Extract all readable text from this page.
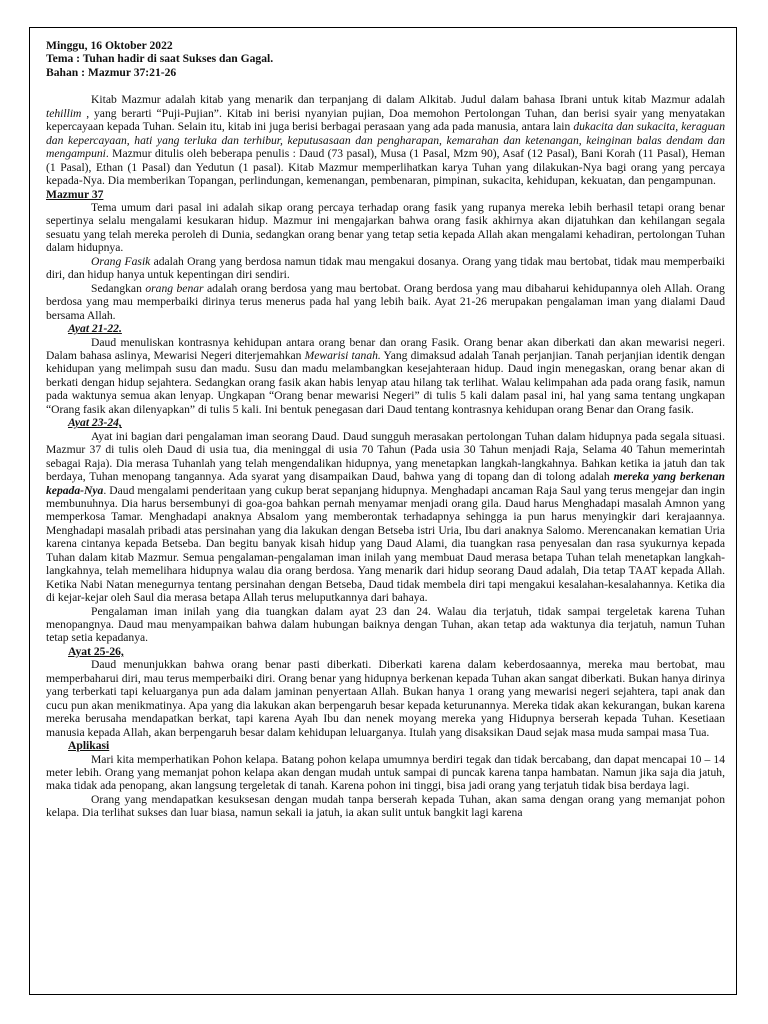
Minggu, 16 Oktober 2022
Tema : Tuhan hadir di saat Sukses dan Gagal.
Bahan : Mazmur 37:21-26

Kitab Mazmur adalah kitab yang menarik dan terpanjang di dalam Alkitab. Judul dalam bahasa Ibrani untuk kitab Mazmur adalah tehillim , yang berarti “Puji-Pujian”. Kitab ini berisi nyanyian pujian, Doa memohon Pertolongan Tuhan, dan berisi syair yang menyatakan kepercayaan kepada Tuhan. Selain itu, kitab ini juga berisi berbagai perasaan yang ada pada manusia, antara lain dukacita dan sukacita, keraguan dan kepercayaan, hati yang terluka dan terhibur, keputusasaan dan pengharapan, kemarahan dan ketenangan, keinginan balas dendam dan mengampuni. Mazmur ditulis oleh beberapa penulis : Daud (73 pasal), Musa (1 Pasal, Mzm 90), Asaf (12 Pasal), Bani Korah (11 Pasal), Heman (1 Pasal), Ethan (1 Pasal) dan Yedutun (1 pasal). Kitab Mazmur memperlihatkan karya Tuhan yang dilakukan-Nya bagi orang yang percaya kepada-Nya. Dia memberikan Topangan, perlindungan, kemenangan, pembenaran, pimpinan, sukacita, kehidupan, kekuatan, dan pengampunan.

Mazmur 37

Tema umum dari pasal ini adalah sikap orang percaya terhadap orang fasik yang rupanya mereka lebih berhasil tetapi orang benar sepertinya selalu mengalami kesukaran hidup. Mazmur ini mengajarkan bahwa orang fasik akhirnya akan dijatuhkan dan kehilangan segala sesuatu yang telah mereka peroleh di Dunia, sedangkan orang benar yang tetap setia kepada Allah akan mengalami kehadiran, pertolongan Tuhan dalam hidupnya.

Orang Fasik adalah Orang yang berdosa namun tidak mau mengakui dosanya. Orang yang tidak mau bertobat, tidak mau memperbaiki diri, dan hidup hanya untuk kepentingan diri sendiri.

Sedangkan orang benar adalah orang berdosa yang mau bertobat. Orang berdosa yang mau dibaharui kehidupannya oleh Allah. Orang berdosa yang mau memperbaiki dirinya terus menerus pada hal yang lebih baik. Ayat 21-26 merupakan pengalaman iman yang dialami Daud bersama Allah.

Ayat 21-22.

Daud menuliskan kontrasnya kehidupan antara orang benar dan orang Fasik. Orang benar akan diberkati dan akan mewarisi negeri. Dalam bahasa aslinya, Mewarisi Negeri diterjemahkan Mewarisi tanah. Yang dimaksud adalah Tanah perjanjian. Tanah perjanjian identik dengan kehidupan yang melimpah susu dan madu. Susu dan madu melambangkan kesejahteraan hidup. Daud ingin menegaskan, orang benar akan di berkati dengan hidup sejahtera. Sedangkan orang fasik akan habis lenyap atau hilang tak terlihat. Walau kelimpahan ada pada orang fasik, namun pada waktunya semua akan lenyap. Ungkapan “Orang benar mewarisi Negeri” di tulis 5 kali dalam pasal ini, hal yang sama tentang ungkapan “Orang fasik akan dilenyapkan” di tulis 5 kali. Ini bentuk penegasan dari Daud tentang kontrasnya kehidupan orang Benar dan Orang fasik.

Ayat 23-24,

Ayat ini bagian dari pengalaman iman seorang Daud. Daud sungguh merasakan pertolongan Tuhan dalam hidupnya pada segala situasi. Mazmur 37 di tulis oleh Daud di usia tua, dia meninggal di usia 70 Tahun (Pada usia 30 Tahun menjadi Raja, Selama 40 Tahun memerintah sebagai Raja). Dia merasa Tuhanlah yang telah mengendalikan hidupnya, yang menetapkan langkah-langkahnya. Bahkan ketika ia jatuh dan tak berdaya, Tuhan menopang tangannya. Ada syarat yang disampaikan Daud, bahwa yang di topang dan di tolong adalah mereka yang berkenan kepada-Nya. Daud mengalami penderitaan yang cukup berat sepanjang hidupnya. Menghadapi ancaman Raja Saul yang terus mengejar dan ingin membunuhnya. Dia harus bersembunyi di goa-goa bahkan pernah menyamar menjadi orang gila. Daud harus Menghadapi masalah Amnon yang memperkosa Tamar. Menghadapi anaknya Absalom yang memberontak terhadapnya sehingga ia pun harus menyingkir dari kerajaannya. Menghadapi masalah pribadi atas persinahan yang dia lakukan dengan Betseba istri Uria, Ibu dari anaknya Salomo. Merencanakan kematian Uria karena cintanya kepada Betseba. Dan begitu banyak kisah hidup yang Daud Alami, dia tuangkan rasa penyesalan dan rasa syukurnya kepada Tuhan dalam kitab Mazmur. Semua pengalaman-pengalaman iman inilah yang membuat Daud merasa betapa Tuhan telah menetapkan langkah-langkahnya, telah memelihara hidupnya walau dia orang berdosa. Yang menarik dari hidup seorang Daud adalah, Dia tetap TAAT kepada Allah. Ketika Nabi Natan menegurnya tentang persinahan dengan Betseba, Daud tidak membela diri tapi mengakui kesalahan-kesalahannya. Ketika dia di kejar-kejar oleh Saul dia merasa betapa Allah terus meluputkannya dari bahaya.

Pengalaman iman inilah yang dia tuangkan dalam ayat 23 dan 24. Walau dia terjatuh, tidak sampai tergeletak karena Tuhan menopangnya. Daud mau menyampaikan bahwa dalam hubungan baiknya dengan Tuhan, akan tetap ada waktunya dia terjatuh, namun Tuhan tetap setia kepadanya.

Ayat 25-26,

Daud menunjukkan bahwa orang benar pasti diberkati. Diberkati karena dalam keberdosaannya, mereka mau bertobat, mau memperbaharui diri, mau terus memperbaiki diri. Orang benar yang hidupnya berkenan kepada Tuhan akan sangat diberkati. Bukan hanya dirinya yang terberkati tapi keluarganya pun ada dalam jaminan penyertaan Allah. Bukan hanya 1 orang yang mewarisi negeri sejahtera, tapi anak dan cucu pun akan menikmatinya. Apa yang dia lakukan akan berpengaruh besar kepada keturunannya. Mereka tidak akan kekurangan, bukan karena mereka berusaha mendapatkan berkat, tapi karena Ayah Ibu dan nenek moyang mereka yang Hidupnya berserah kepada Tuhan. Kesetiaan manusia kepada Allah, akan berpengaruh besar dalam kehidupan leluarganya. Itulah yang disaksikan Daud sejak masa muda sampai masa Tua.

Aplikasi

Mari kita memperhatikan Pohon kelapa. Batang pohon kelapa umumnya berdiri tegak dan tidak bercabang, dan dapat mencapai 10 – 14 meter lebih. Orang yang memanjat pohon kelapa akan dengan mudah untuk sampai di puncak karena tanpa hambatan. Namun jika saja dia jatuh, maka tidak ada penopang, akan langsung tergeletak di tanah. Karena pohon ini tinggi, bisa jadi orang yang terjatuh tidak bisa berdaya lagi.

Orang yang mendapatkan kesuksesan dengan mudah tanpa berserah kepada Tuhan, akan sama dengan orang yang memanjat pohon kelapa. Dia terlihat sukses dan luar biasa, namun sekali ia jatuh, ia akan sulit untuk bangkit lagi karena
